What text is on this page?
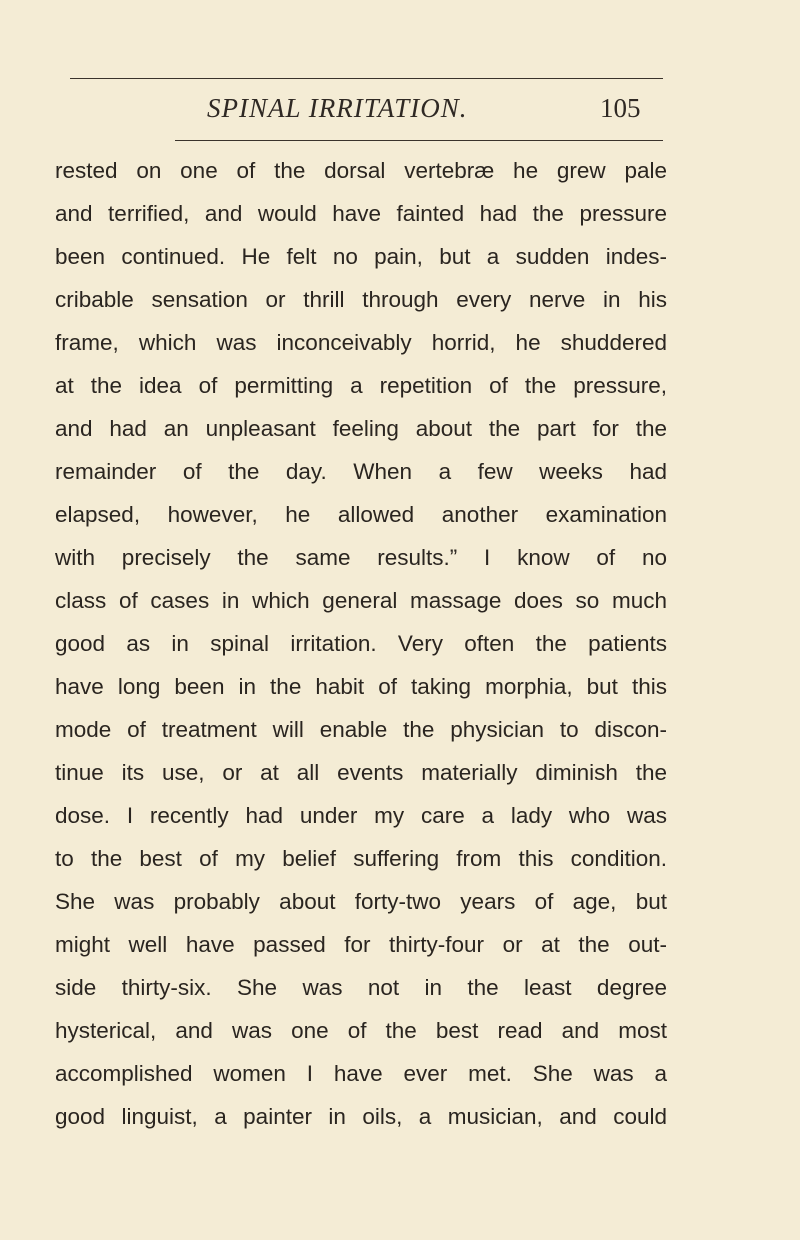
SPINAL IRRITATION.	105
rested on one of the dorsal vertebræ he grew pale
and terrified, and would have fainted had the pressure
been continued. He felt no pain, but a sudden indes-
cribable sensation or thrill through every nerve in his
frame, which was inconceivably horrid, he shuddered
at the idea of permitting a repetition of the pressure,
and had an unpleasant feeling about the part for the
remainder of the day. When a few weeks had
elapsed, however, he allowed another examination
with precisely the same results.” I know of no
class of cases in which general massage does so much
good as in spinal irritation. Very often the patients
have long been in the habit of taking morphia, but this
mode of treatment will enable the physician to discon-
tinue its use, or at all events materially diminish the
dose. I recently had under my care a lady who was
to the best of my belief suffering from this condition.
She was probably about forty-two years of age, but
might well have passed for thirty-four or at the out-
side thirty-six. She was not in the least degree
hysterical, and was one of the best read and most
accomplished women I have ever met. She was a
good linguist, a painter in oils, a musician, and could
